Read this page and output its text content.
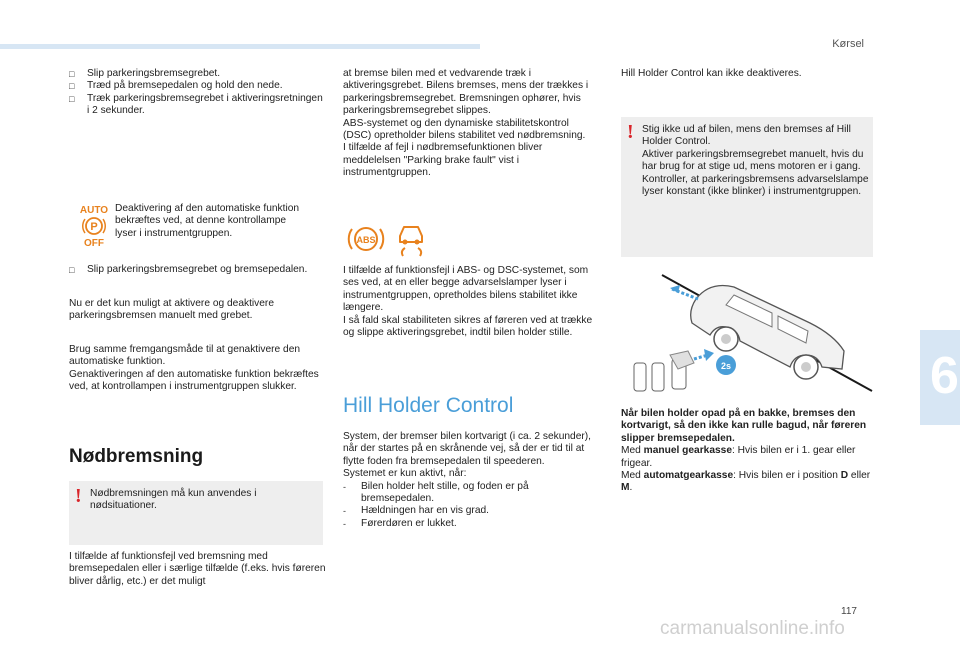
Kørsel
□ Slip parkeringsbremsegrebet.
□ Træd på bremsepedalen og hold den nede.
□ Træk parkeringsbremsegrebet i aktiveringsretningen i 2 sekunder.
AUTO
P
OFF
Deaktivering af den automatiske funktion bekræftes ved, at denne kontrollampe lyser i instrumentgruppen.
□ Slip parkeringsbremsegrebet og bremsepedalen.
Nu er det kun muligt at aktivere og deaktivere parkeringsbremsen manuelt med grebet.
Brug samme fremgangsmåde til at genaktivere den automatiske funktion.
Genaktiveringen af den automatiske funktion bekræftes ved, at kontrollampen i instrumentgruppen slukker.
Nødbremsning
! Nødbremsningen må kun anvendes i nødsituationer.
I tilfælde af funktionsfejl ved bremsning med bremsepedalen eller i særlige tilfælde (f.eks. hvis føreren bliver dårlig, etc.) er det muligt
at bremse bilen med et vedvarende træk i aktiveringsgrebet. Bilens bremses, mens der trækkes i parkeringsbremsegrebet. Bremsningen ophører, hvis parkeringsbremsegrebet slippes.
ABS-systemet og den dynamiske stabilitetskontrol (DSC) opretholder bilens stabilitet ved nødbremsning.
I tilfælde af fejl i nødbremsefunktionen bliver meddelelsen "Parking brake fault" vist i instrumentgruppen.
ABS
I tilfælde af funktionsfejl i ABS- og DSC-systemet, som ses ved, at en eller begge advarselslamper lyser i instrumentgruppen, opretholdes bilens stabilitet ikke længere.
I så fald skal stabiliteten sikres af føreren ved at trække og slippe aktiveringsgrebet, indtil bilen holder stille.
Hill Holder Control
System, der bremser bilen kortvarigt (i ca. 2 sekunder), når der startes på en skrånende vej, så der er tid til at flytte foden fra bremsepedalen til speederen.
Systemet er kun aktivt, når:
- Bilen holder helt stille, og foden er på bremsepedalen.
- Hældningen har en vis grad.
- Førerdøren er lukket.
Hill Holder Control kan ikke deaktiveres.
! Stig ikke ud af bilen, mens den bremses af Hill Holder Control.
Aktiver parkeringsbremsegrebet manuelt, hvis du har brug for at stige ud, mens motoren er i gang. Kontroller, at parkeringsbremsens advarselslampe lyser konstant (ikke blinker) i instrumentgruppen.
2s
Når bilen holder opad på en bakke, bremses den kortvarigt, så den ikke kan rulle bagud, når føreren slipper bremsepedalen.
Med manuel gearkasse: Hvis bilen er i 1. gear eller frigear.
Med automatgearkasse: Hvis bilen er i position D eller M.
6
117
carmanualsonline.info
